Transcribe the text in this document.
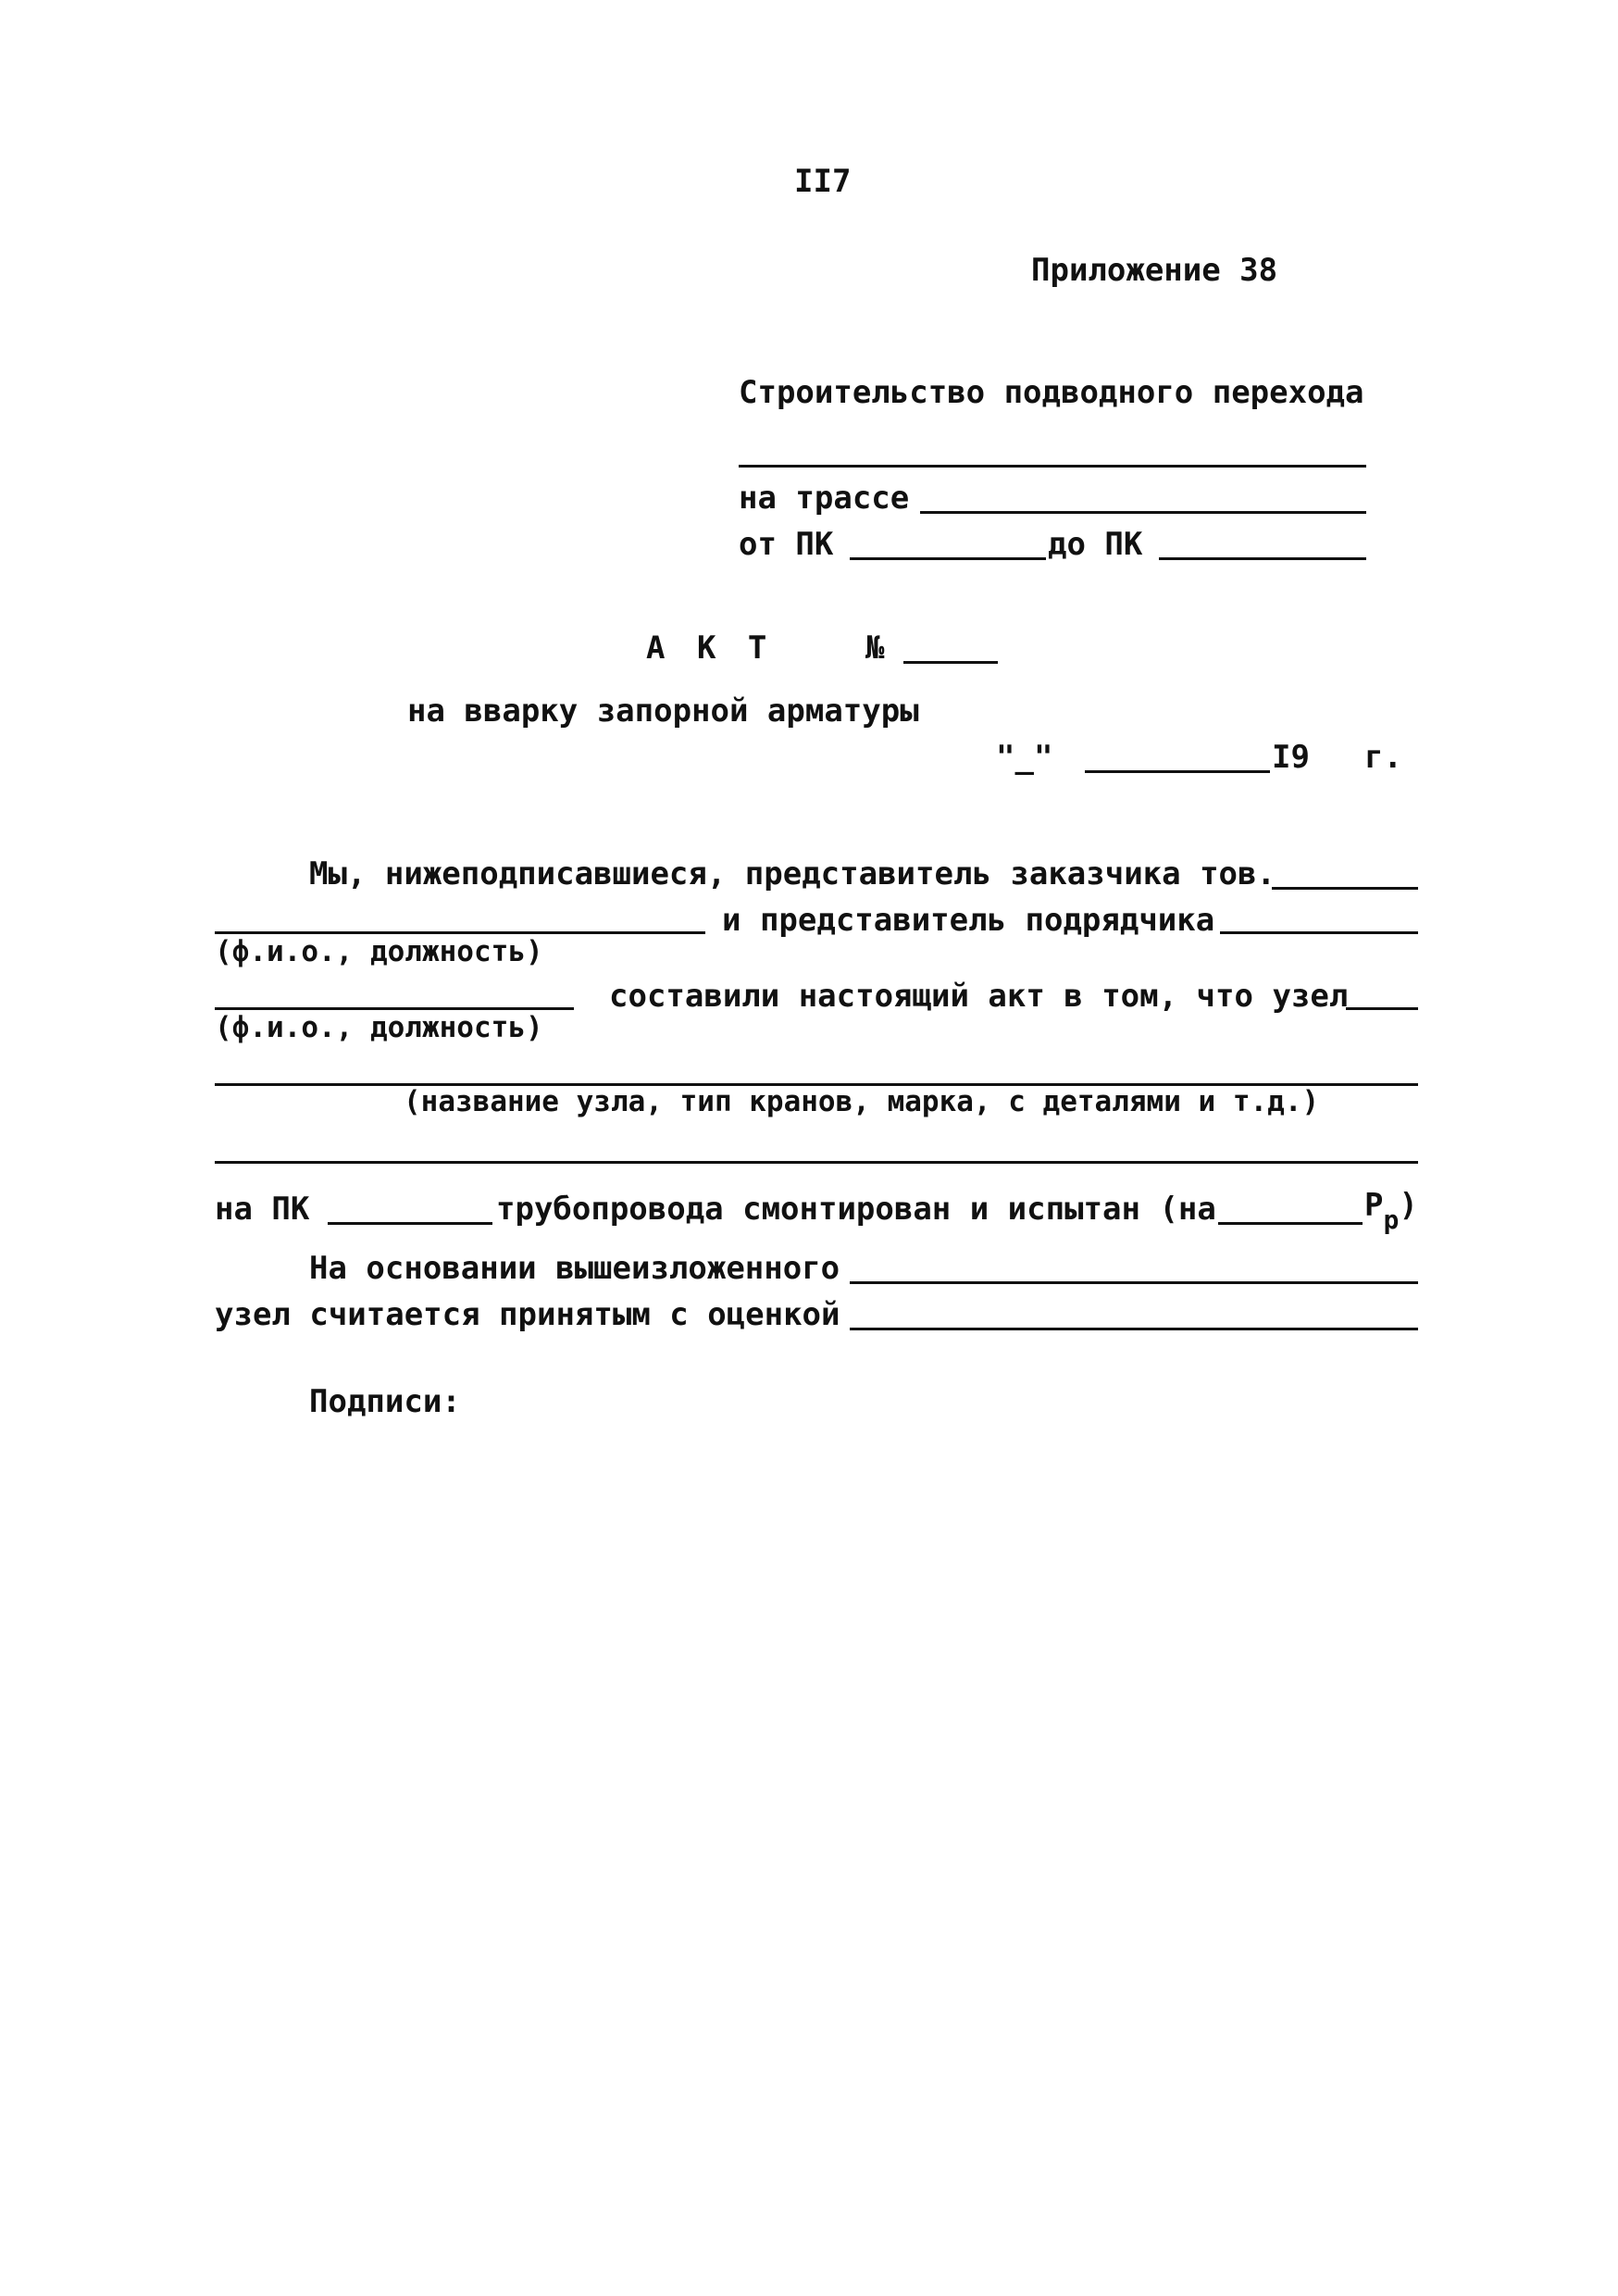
II7
Приложение 38
Строительство подводного перехода
на трассе
от ПК	до ПК
А К Т	№
на вварку запорной арматуры
"_"	I9 г.
Мы, нижеподписавшиеся, представитель заказчика тов.
и представитель подрядчика
(ф.и.о., должность)
составили настоящий акт в том, что узел
(ф.и.о., должность)
(название узла, тип кранов, марка, с деталями и т.д.)
на ПК	трубопровода смонтирован и испытан (на	$P_р$)
На основании вышеизложенного
узел считается принятым с оценкой
Подписи:
